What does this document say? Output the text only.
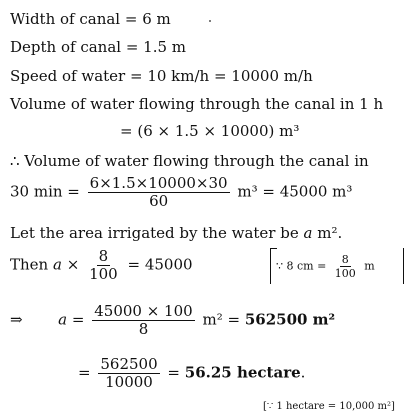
Width of canal = 6 m
Depth of canal = 1.5 m
Speed of water = 10 km/h = 10000 m/h
Volume of water flowing through the canal in 1 h
= (6 × 1.5 × 10000) m³
∴ Volume of water flowing through the canal in
30 $\min = \frac{6\times 1.5\times 10000\times 30}{60} m^3 = 45000$ m³
Let the area irrigated by the water be a m².
Then $a \times \frac{8}{100} = 45000$	∵ 8 cm = $\frac{8}{100}$ m
⇒ $a = \frac{45000 \times 100}{8} m^2 = 562500$ m²
= $\frac{562500}{10000} = 56.25$ hectare.
[∵ 1 hectare = 10,000 m²]
